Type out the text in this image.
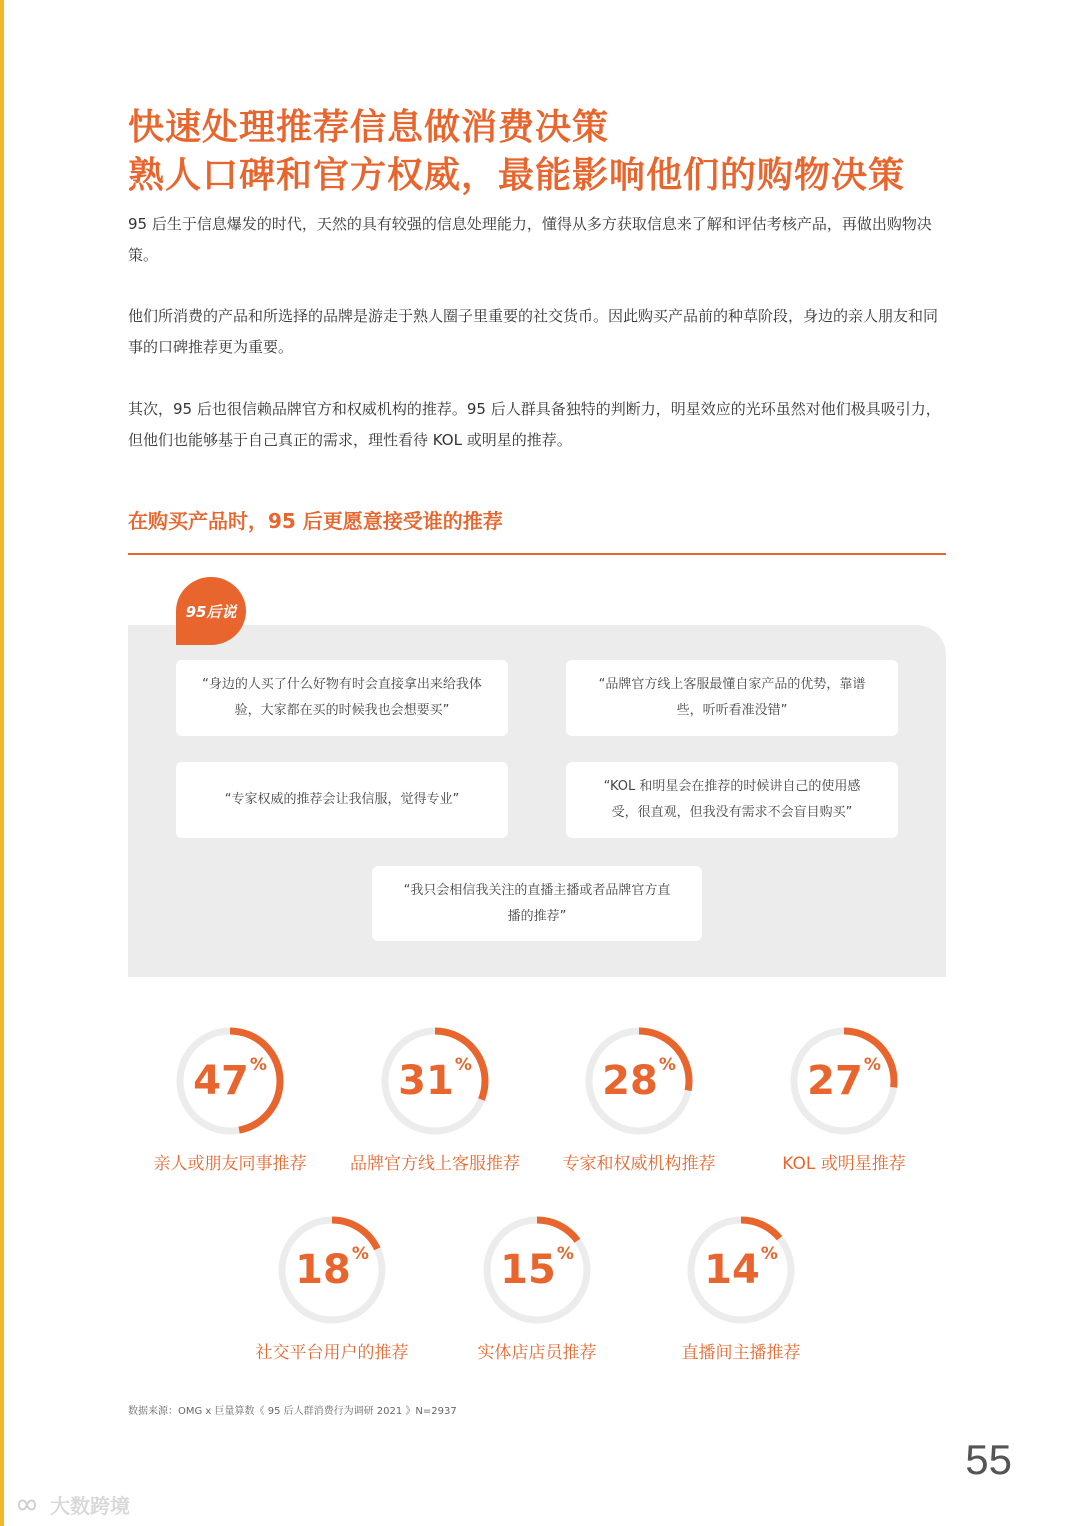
快速处理推荐信息做消费决策
熟人口碑和官方权威，最能影响他们的购物决策

95 后生于信息爆发的时代，天然的具有较强的信息处理能力，懂得从多方获取信息来了解和评估考核产品，再做出购物决策。

他们所消费的产品和所选择的品牌是游走于熟人圈子里重要的社交货币。因此购买产品前的种草阶段，身边的亲人朋友和同事的口碑推荐更为重要。

其次，95 后也很信赖品牌官方和权威机构的推荐。95 后人群具备独特的判断力，明星效应的光环虽然对他们极具吸引力，但他们也能够基于自己真正的需求，理性看待 KOL 或明星的推荐。

在购买产品时，95 后更愿意接受谁的推荐
95后说
“身边的人买了什么好物有时会直接拿出来给我体验，大家都在买的时候我也会想要买”
“品牌官方线上客服最懂自家产品的优势，靠谱些，听听看准没错”
“专家权威的推荐会让我信服，觉得专业”
“KOL 和明星会在推荐的时候讲自己的使用感受，很直观，但我没有需求不会盲目购买”
“我只会相信我关注的直播主播或者品牌官方直播的推荐”
47%
亲人或朋友同事推荐
31%
品牌官方线上客服推荐
28%
专家和权威机构推荐
27%
KOL 或明星推荐
18%
社交平台用户的推荐
15%
实体店店员推荐
14%
直播间主播推荐
数据来源：OMG x 巨量算数《 95 后人群消费行为调研 2021 》N=2937
55
大数跨境
